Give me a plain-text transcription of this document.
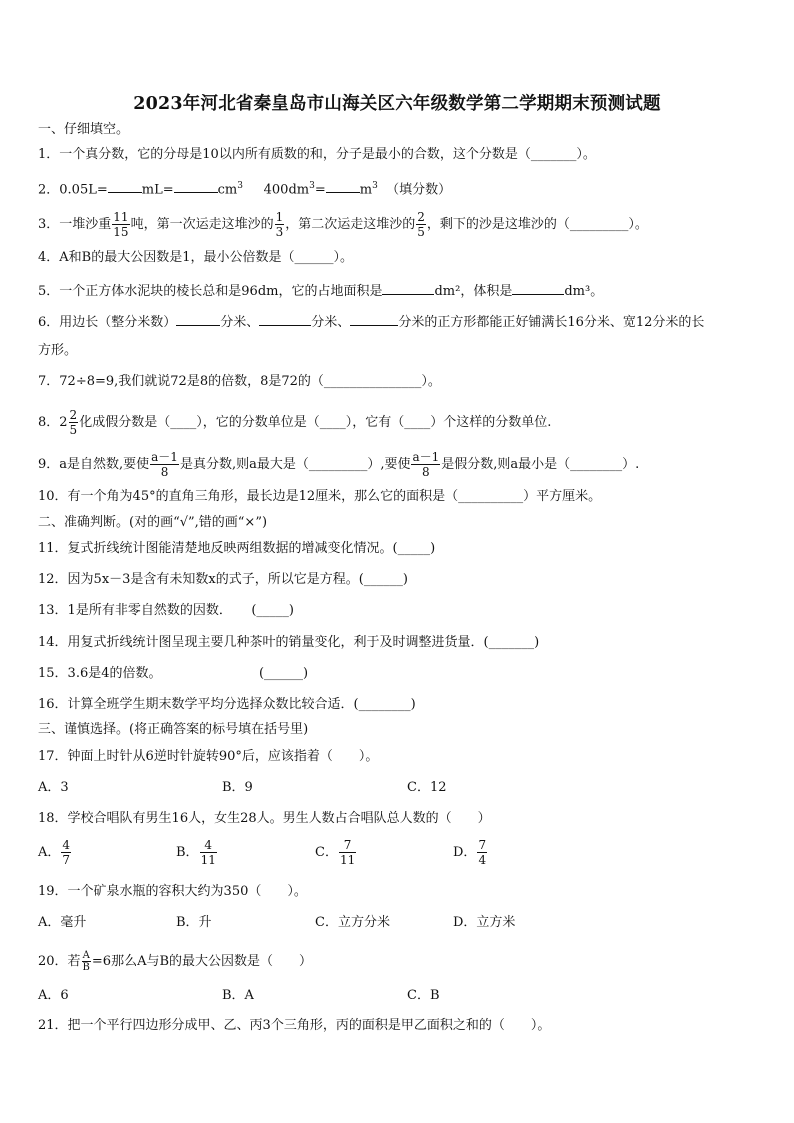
2023年河北省秦皇岛市山海关区六年级数学第二学期期末预测试题
一、仔细填空。
1．一个真分数，它的分母是10以内所有质数的和，分子是最小的合数，这个分数是（_______）。
2．0.05L=	mL=	$cm^3$ $400dm^3=$	$m^3$ （填分数）
3．一堆沙重 $\frac{11}{15}$ 吨，第一次运走这堆沙的 $\frac{1}{3}$ ，第二次运走这堆沙的 $\frac{2}{5}$ ，剩下的沙是这堆沙的（_________）。
4．A和B的最大公因数是1，最小公倍数是（______）。
5．一个正方体水泥块的棱长总和是96dm，它的占地面积是	dm²，体积是	dm³。
6．用边长（整分米数）	分米、	分米、	分米的正方形都能正好铺满长16分米、宽12分米的长
方形。
7．72÷8=9,我们就说72是8的倍数，8是72的（_______________）。
8．$2 \frac{2}{5}$ 化成假分数是（____），它的分数单位是（____），它有（____）个这样的分数单位.
9．a是自然数,要使 $\frac{a-1}{8}$ 是真分数,则a最大是（_________）,要使 $\frac{a-1}{8}$ 是假分数,则a最小是（________）.
10．有一个角为45°的直角三角形，最长边是12厘米，那么它的面积是（__________）平方厘米。
二、准确判断。(对的画“√”,错的画“×”)
11．复式折线统计图能清楚地反映两组数据的增减变化情况。(_____)
12．因为5x－3是含有未知数x的式子，所以它是方程。(______)
13．1是所有非零自然数的因数．　　(_____)
14．用复式折线统计图呈现主要几种茶叶的销量变化，利于及时调整进货量．(_______)
15．3.6是4的倍数。　　　　　　　　(______)
16．计算全班学生期末数学平均分选择众数比较合适．(________)
三、谨慎选择。(将正确答案的标号填在括号里)
17．钟面上时针从6逆时针旋转90°后，应该指着（　　）。
A．3	B．9	C．12
18．学校合唱队有男生16人，女生28人。男生人数占合唱队总人数的（　　）
A． $\frac{4}{7}$	B． $\frac{4}{11}$	C． $\frac{7}{11}$	D． $\frac{7}{4}$
19．一个矿泉水瓶的容积大约为350（　　）。
A．毫升	B．升	C．立方分米	D．立方米
20．若 $\frac{A}{B} =6$那么A与B的最大公因数是（　　）
A．6	B．A	C．B
21．把一个平行四边形分成甲、乙、丙3个三角形，丙的面积是甲乙面积之和的（　　）。
